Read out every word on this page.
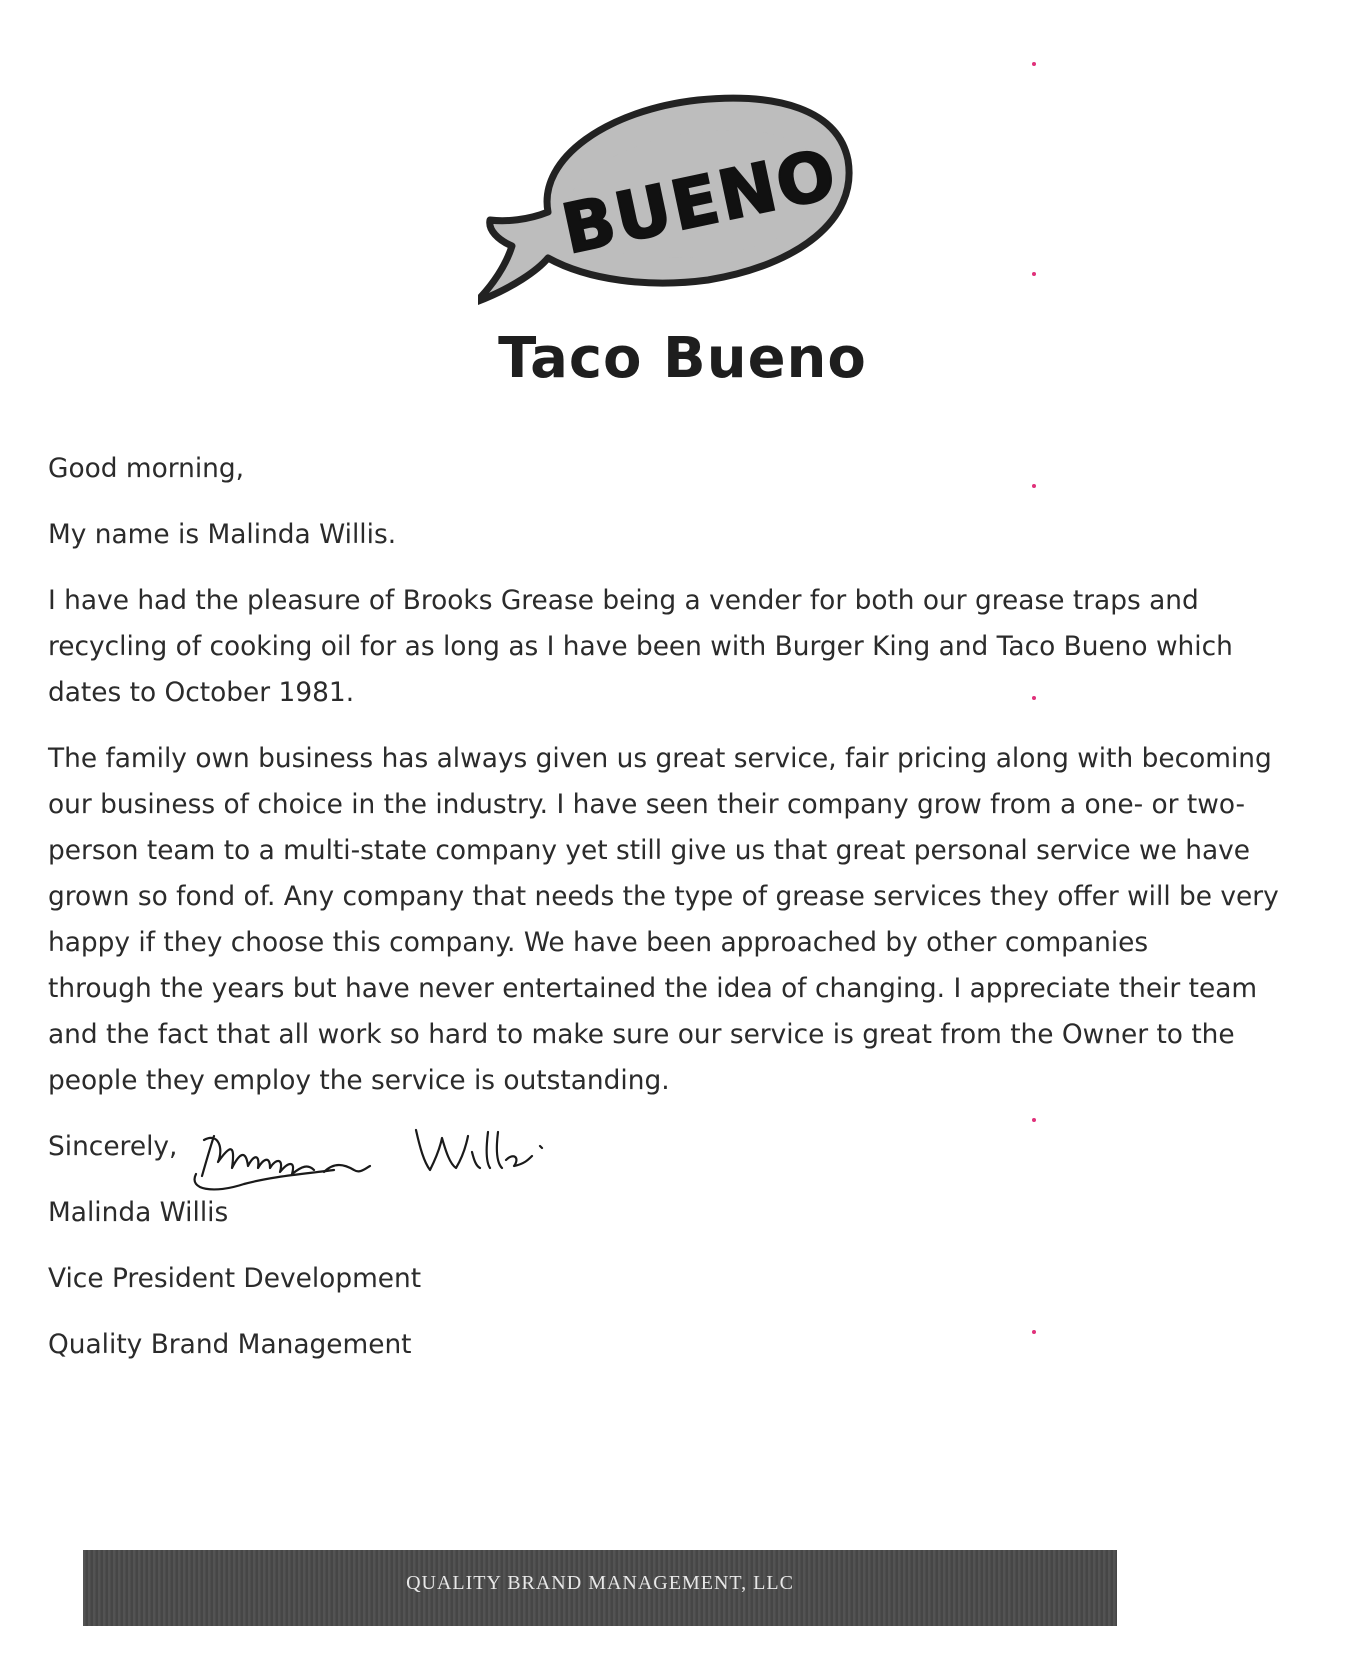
BUENO
Taco Bueno

Good morning,

My name is Malinda Willis.

I have had the pleasure of Brooks Grease being a vender for both our grease traps and
recycling of cooking oil for as long as I have been with Burger King and Taco Bueno which
dates to October 1981.

The family own business has always given us great service, fair pricing along with becoming
our business of choice in the industry. I have seen their company grow from a one- or two-
person team to a multi-state company yet still give us that great personal service we have
grown so fond of. Any company that needs the type of grease services they offer will be very
happy if they choose this company. We have been approached by other companies
through the years but have never entertained the idea of changing. I appreciate their team
and the fact that all work so hard to make sure our service is great from the Owner to the
people they employ the service is outstanding.

Sincerely,

Malinda Willis

Vice President Development

Quality Brand Management

QUALITY BRAND MANAGEMENT, LLC
